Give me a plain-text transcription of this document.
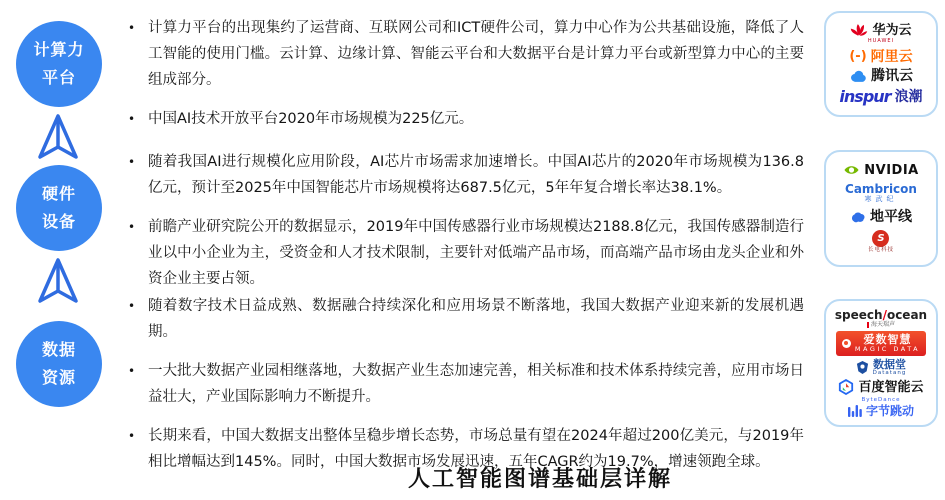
计算力
平台
硬件
设备
数据
资源
• 计算力平台的出现集约了运营商、互联网公司和ICT硬件公司，算力中心作为公共基础设施，降低了人工智能的使用门槛。云计算、边缘计算、智能云平台和大数据平台是计算力平台或新型算力中心的主要组成部分。
• 中国AI技术开放平台2020年市场规模为225亿元。
• 随着我国AI进行规模化应用阶段，AI芯片市场需求加速增长。中国AI芯片的2020年市场规模为136.8亿元，预计至2025年中国智能芯片市场规模将达687.5亿元，5年年复合增长率达38.1%。
• 前瞻产业研究院公开的数据显示，2019年中国传感器行业市场规模达2188.8亿元，我国传感器制造行业以中小企业为主，受资金和人才技术限制，主要针对低端产品市场，而高端产品市场由龙头企业和外资企业主要占领。
• 随着数字技术日益成熟、数据融合持续深化和应用场景不断落地，我国大数据产业迎来新的发展机遇期。
• 一大批大数据产业园相继落地，大数据产业生态加速完善，相关标准和技术体系持续完善，应用市场日益壮大，产业国际影响力不断提升。
• 长期来看，中国大数据支出整体呈稳步增长态势，市场总量有望在2024年超过200亿美元，与2019年相比增幅达到145%。同时，中国大数据市场发展迅速，五年CAGR约为19.7%，增速领跑全球。
华为云
HUAWEI
(-) 阿里云
腾讯云
inspur 浪潮
NVIDIA
Cambricon
寒武纪
地平线
S
长电科技
speech/ocean
海天瑞声
爱数智慧
MAGIC DATA
数据堂
Datatang
百度智能云
ByteDance
字节跳动
人工智能图谱基础层详解
